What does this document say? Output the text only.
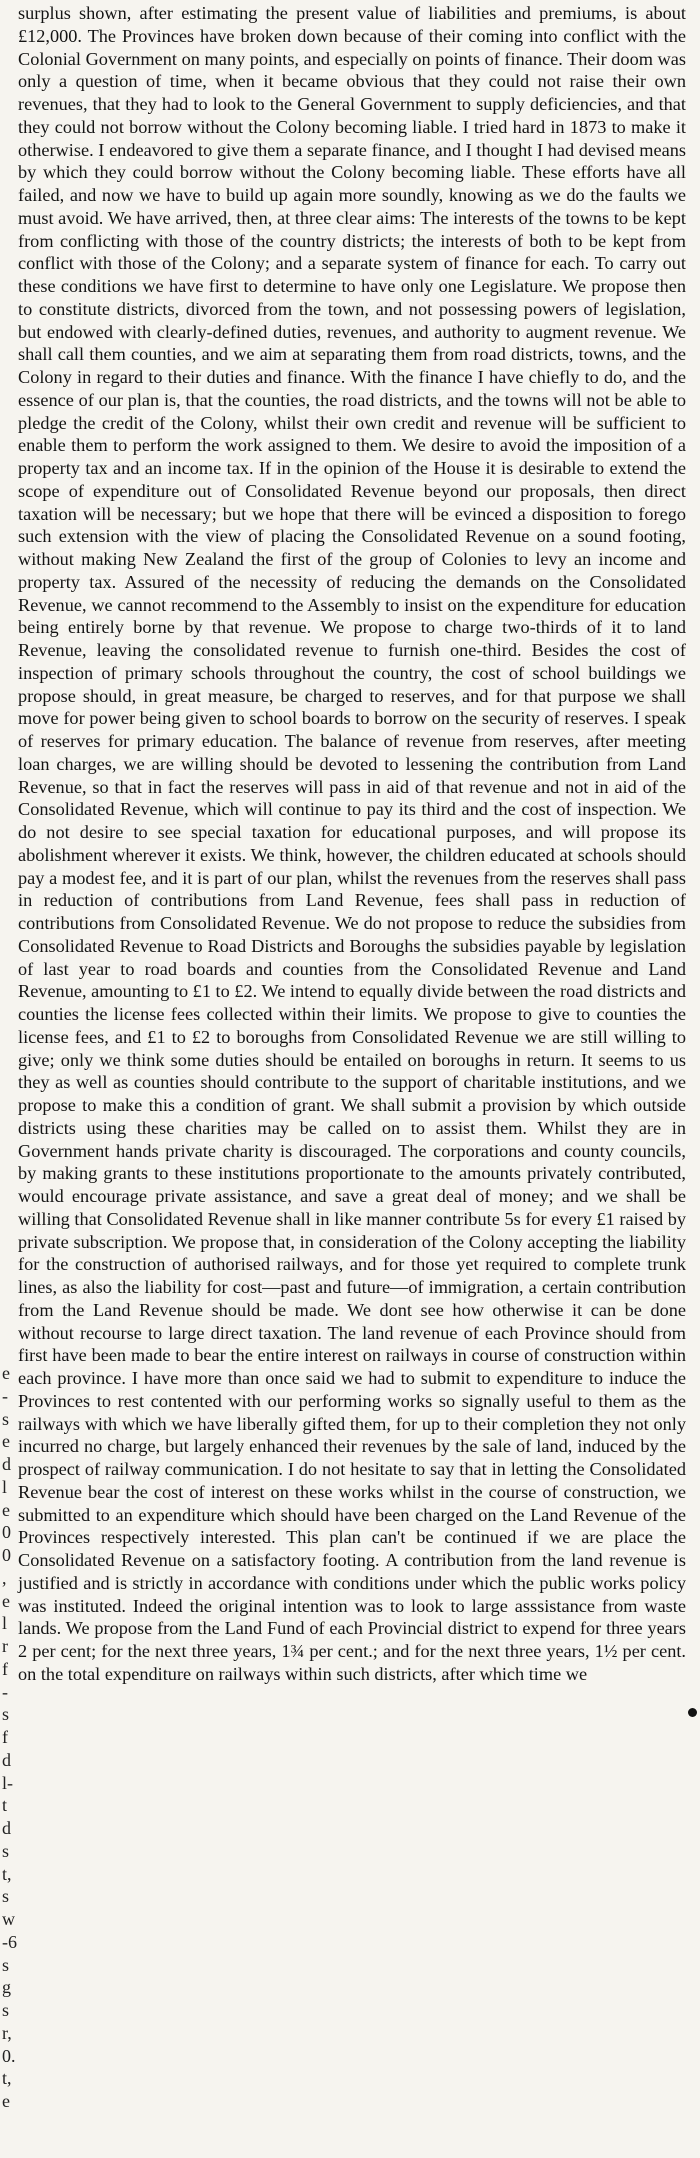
e
-
s
e
d
l
e
0
0
,
e
l
r
f
-
s
f
d
l-
t
d
s
t,
s
w
-6
s
g
s
r,
0.
t,
e

surplus shown, after estimating the present value of liabilities and premiums, is about £12,000. The Provinces have broken down because of their coming into conflict with the Colonial Government on many points, and especially on points of finance. Their doom was only a question of time, when it became obvious that they could not raise their own revenues, that they had to look to the General Government to supply deficiencies, and that they could not borrow without the Colony becoming liable. I tried hard in 1873 to make it otherwise. I endeavored to give them a separate finance, and I thought I had devised means by which they could borrow without the Colony becoming liable. These efforts have all failed, and now we have to build up again more soundly, knowing as we do the faults we must avoid. We have arrived, then, at three clear aims: The interests of the towns to be kept from conflicting with those of the country districts; the interests of both to be kept from conflict with those of the Colony; and a separate system of finance for each. To carry out these conditions we have first to determine to have only one Legislature. We propose then to constitute districts, divorced from the town, and not possessing powers of legislation, but endowed with clearly-defined duties, revenues, and authority to augment revenue. We shall call them counties, and we aim at separating them from road districts, towns, and the Colony in regard to their duties and finance. With the finance I have chiefly to do, and the essence of our plan is, that the counties, the road districts, and the towns will not be able to pledge the credit of the Colony, whilst their own credit and revenue will be sufficient to enable them to perform the work assigned to them. We desire to avoid the imposition of a property tax and an income tax. If in the opinion of the House it is desirable to extend the scope of expenditure out of Consolidated Revenue beyond our proposals, then direct taxation will be necessary; but we hope that there will be evinced a disposition to forego such extension with the view of placing the Consolidated Revenue on a sound footing, without making New Zealand the first of the group of Colonies to levy an income and property tax. Assured of the necessity of reducing the demands on the Consolidated Revenue, we cannot recommend to the Assembly to insist on the expenditure for education being entirely borne by that revenue. We propose to charge two-thirds of it to land Revenue, leaving the consolidated revenue to furnish one-third. Besides the cost of inspection of primary schools throughout the country, the cost of school buildings we propose should, in great measure, be charged to reserves, and for that purpose we shall move for power being given to school boards to borrow on the security of reserves. I speak of reserves for primary education. The balance of revenue from reserves, after meeting loan charges, we are willing should be devoted to lessening the contribution from Land Revenue, so that in fact the reserves will pass in aid of that revenue and not in aid of the Consolidated Revenue, which will continue to pay its third and the cost of inspection. We do not desire to see special taxation for educational purposes, and will propose its abolishment wherever it exists. We think, however, the children educated at schools should pay a modest fee, and it is part of our plan, whilst the revenues from the reserves shall pass in reduction of contributions from Land Revenue, fees shall pass in reduction of contributions from Consolidated Revenue. We do not propose to reduce the subsidies from Consolidated Revenue to Road Districts and Boroughs the subsidies payable by legislation of last year to road boards and counties from the Consolidated Revenue and Land Revenue, amounting to £1 to £2. We intend to equally divide between the road districts and counties the license fees collected within their limits. We propose to give to counties the license fees, and £1 to £2 to boroughs from Consolidated Revenue we are still willing to give; only we think some duties should be entailed on boroughs in return. It seems to us they as well as counties should contribute to the support of charitable institutions, and we propose to make this a condition of grant. We shall submit a provision by which outside districts using these charities may be called on to assist them. Whilst they are in Government hands private charity is discouraged. The corporations and county councils, by making grants to these institutions proportionate to the amounts privately contributed, would encourage private assistance, and save a great deal of money; and we shall be willing that Consolidated Revenue shall in like manner contribute 5s for every £1 raised by private subscription. We propose that, in consideration of the Colony accepting the liability for the construction of authorised railways, and for those yet required to complete trunk lines, as also the liability for cost—past and future—of immigration, a certain contribution from the Land Revenue should be made. We dont see how otherwise it can be done without recourse to large direct taxation. The land revenue of each Province should from first have been made to bear the entire interest on railways in course of construction within each province. I have more than once said we had to submit to expenditure to induce the Provinces to rest contented with our performing works so signally useful to them as the railways with which we have liberally gifted them, for up to their completion they not only incurred no charge, but largely enhanced their revenues by the sale of land, induced by the prospect of railway communication. I do not hesitate to say that in letting the Consolidated Revenue bear the cost of interest on these works whilst in the course of construction, we submitted to an expenditure which should have been charged on the Land Revenue of the Provinces respectively interested. This plan can't be continued if we are place the Consolidated Revenue on a satisfactory footing. A contribution from the land revenue is justified and is strictly in accordance with conditions under which the public works policy was instituted. Indeed the original intention was to look to large asssistance from waste lands. We propose from the Land Fund of each Provincial district to expend for three years 2 per cent; for the next three years, 1¾ per cent.; and for the next three years, 1½ per cent. on the total expenditure on railways within such districts, after which time we
